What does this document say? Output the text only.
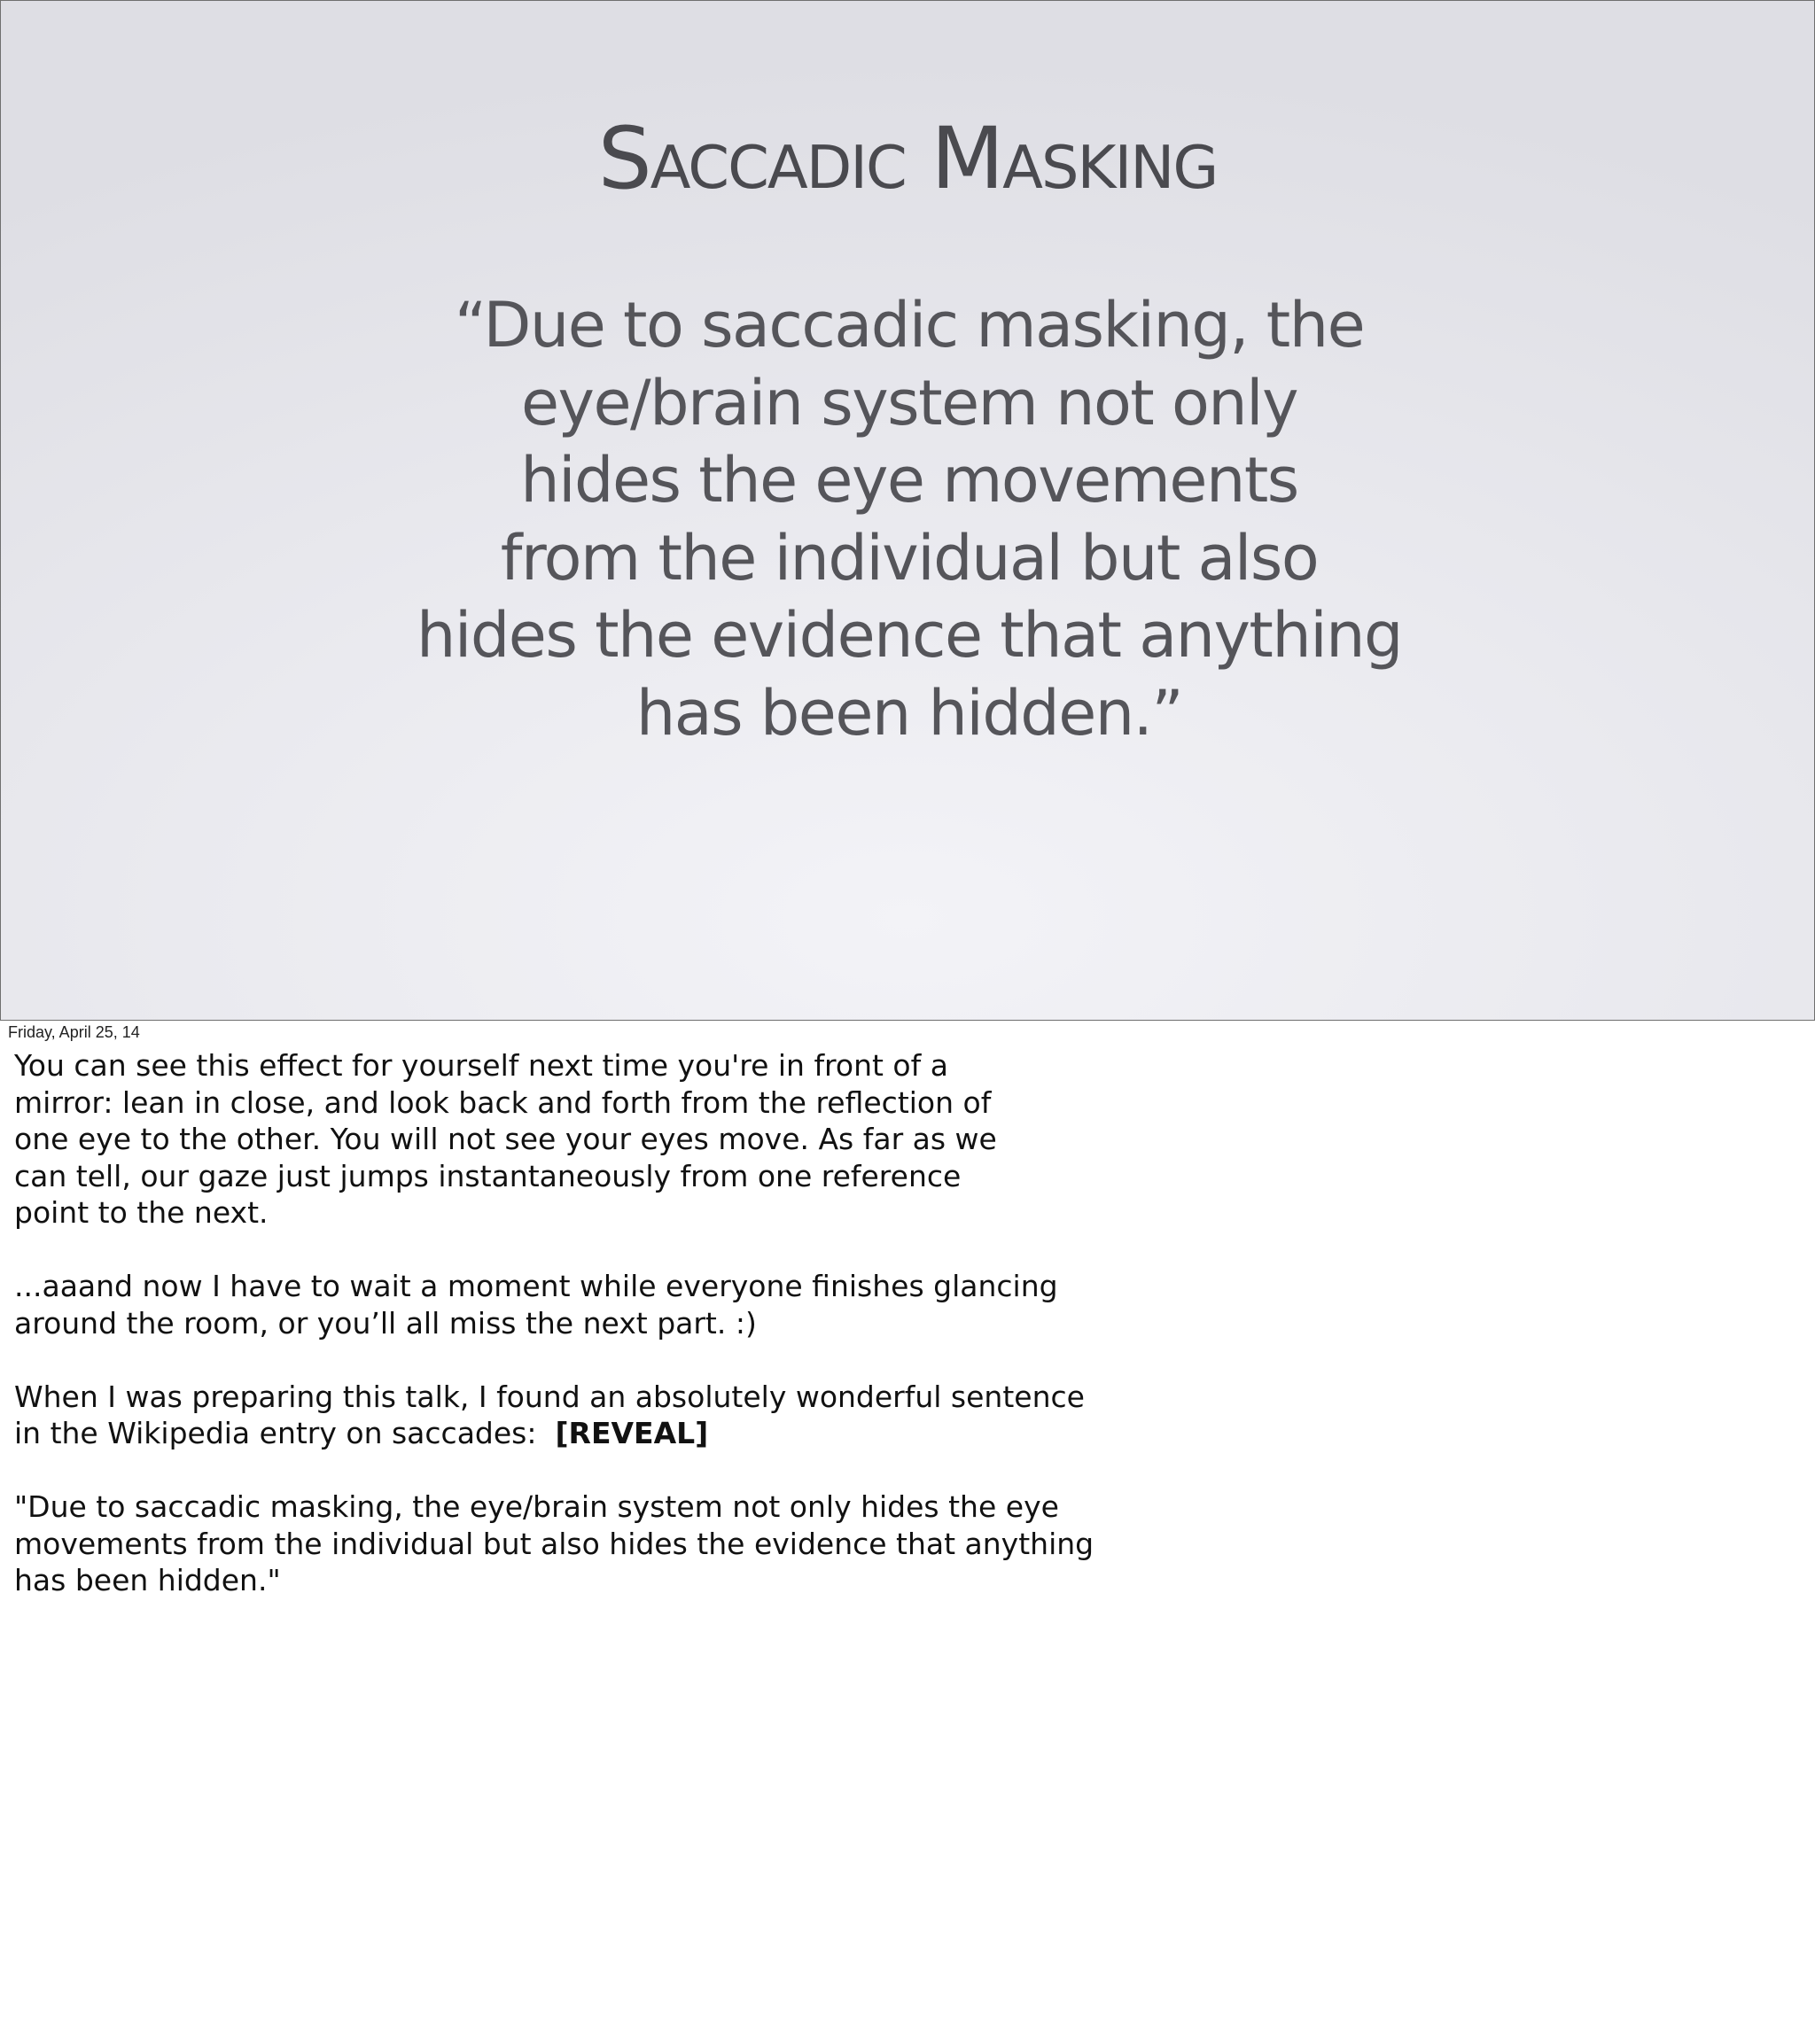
Saccadic Masking
“Due to saccadic masking, the
eye/brain system not only
hides the eye movements
from the individual but also
hides the evidence that anything
has been hidden.”
Friday, April 25, 14

You can see this effect for yourself next time you're in front of a
mirror: lean in close, and look back and forth from the reflection of
one eye to the other. You will not see your eyes move. As far as we
can tell, our gaze just jumps instantaneously from one reference
point to the next.

...aaand now I have to wait a moment while everyone finishes glancing
around the room, or you’ll all miss the next part. :)

When I was preparing this talk, I found an absolutely wonderful sentence
in the Wikipedia entry on saccades:  [REVEAL]

"Due to saccadic masking, the eye/brain system not only hides the eye
movements from the individual but also hides the evidence that anything
has been hidden."
